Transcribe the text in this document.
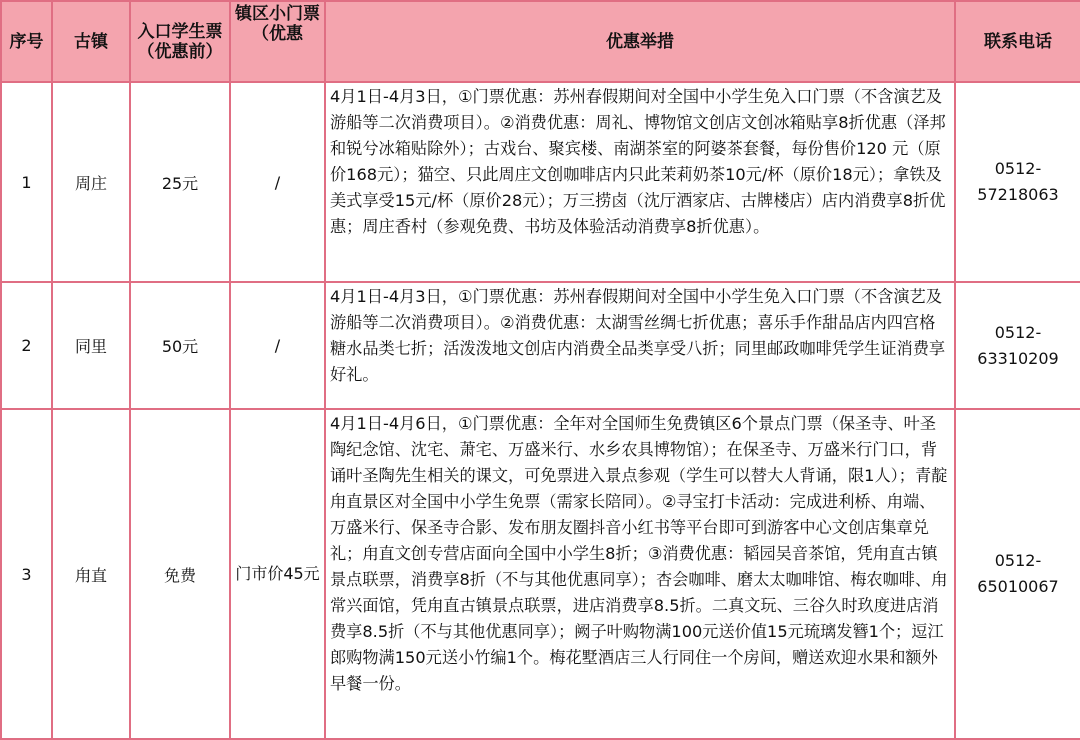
序号	古镇	入口学生票（优惠前）	镇区小门票（优惠	优惠举措	联系电话
1	周庄	25元	/	4月1日-4月3日，①门票优惠：苏州春假期间对全国中小学生免入口门票（不含演艺及游船等二次消费项目）。②消费优惠：周礼、博物馆文创店文创冰箱贴享8折优惠（泽邦和锐兮冰箱贴除外）；古戏台、聚宾楼、南湖茶室的阿婆茶套餐，每份售价120 元（原价168元）；猫空、只此周庄文创咖啡店内只此茉莉奶茶10元/杯（原价18元）；拿铁及美式享受15元/杯（原价28元）；万三捞卤（沈厅酒家店、古牌楼店）店内消费享8折优惠；周庄香村（参观免费、书坊及体验活动消费享8折优惠）。	0512-57218063
2	同里	50元	/	4月1日-4月3日，①门票优惠：苏州春假期间对全国中小学生免入口门票（不含演艺及游船等二次消费项目）。②消费优惠：太湖雪丝绸七折优惠；喜乐手作甜品店内四宫格糖水品类七折；活泼泼地文创店内消费全品类享受八折；同里邮政咖啡凭学生证消费享好礼。	0512-63310209
3	甪直	免费	门市价45元	4月1日-4月6日，①门票优惠：全年对全国师生免费镇区6个景点门票（保圣寺、叶圣陶纪念馆、沈宅、萧宅、万盛米行、水乡农具博物馆）；在保圣寺、万盛米行门口，背诵叶圣陶先生相关的课文，可免票进入景点参观（学生可以替大人背诵，限1人）；青靛甪直景区对全国中小学生免票（需家长陪同）。②寻宝打卡活动：完成进利桥、甪端、万盛米行、保圣寺合影、发布朋友圈抖音小红书等平台即可到游客中心文创店集章兑礼；甪直文创专营店面向全国中小学生8折；③消费优惠：韬园吴音茶馆，凭甪直古镇景点联票，消费享8折（不与其他优惠同享）；杏会咖啡、磨太太咖啡馆、梅农咖啡、甪常兴面馆，凭甪直古镇景点联票，进店消费享8.5折。二真文玩、三谷久时玖度进店消费享8.5折（不与其他优惠同享）；阙子叶购物满100元送价值15元琉璃发簪1个；逗江郎购物满150元送小竹编1个。梅花墅酒店三人行同住一个房间，赠送欢迎水果和额外早餐一份。	0512-65010067
